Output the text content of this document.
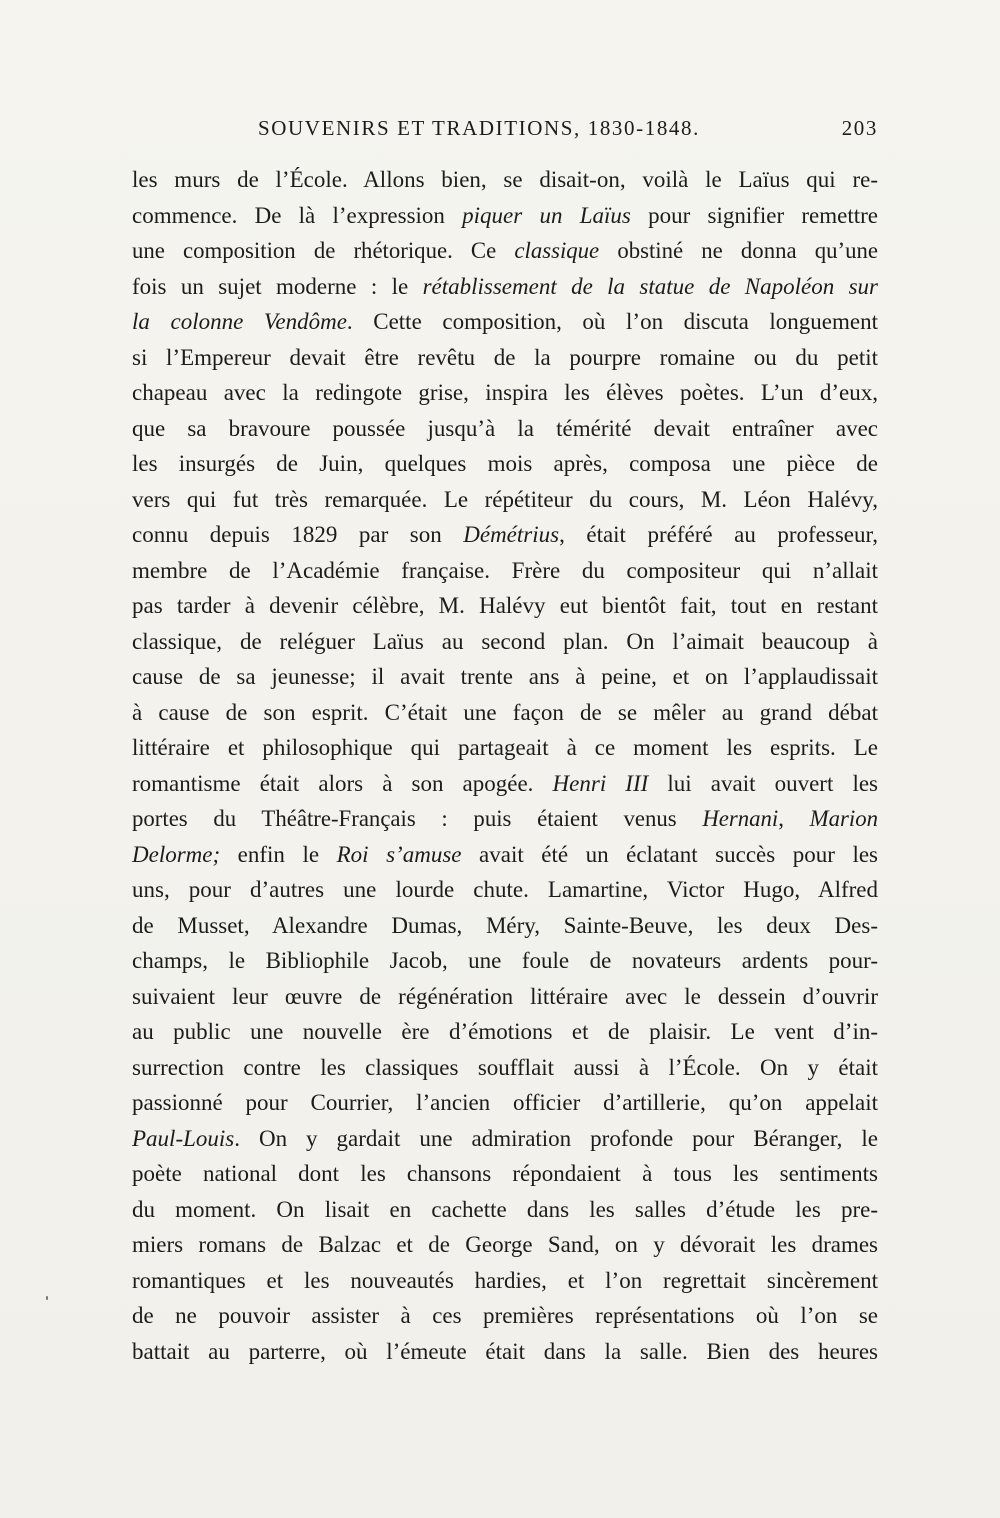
SOUVENIRS ET TRADITIONS, 1830-1848.	203
les murs de l’École. Allons bien, se disait-on, voilà le Laïus qui re-
commence. De là l’expression piquer un Laïus pour signifier remettre
une composition de rhétorique. Ce classique obstiné ne donna qu’une
fois un sujet moderne : le rétablissement de la statue de Napoléon sur
la colonne Vendôme. Cette composition, où l’on discuta longuement
si l’Empereur devait être revêtu de la pourpre romaine ou du petit
chapeau avec la redingote grise, inspira les élèves poètes. L’un d’eux,
que sa bravoure poussée jusqu’à la témérité devait entraîner avec
les insurgés de Juin, quelques mois après, composa une pièce de
vers qui fut très remarquée. Le répétiteur du cours, M. Léon Halévy,
connu depuis 1829 par son Démétrius, était préféré au professeur,
membre de l’Académie française. Frère du compositeur qui n’allait
pas tarder à devenir célèbre, M. Halévy eut bientôt fait, tout en restant
classique, de reléguer Laïus au second plan. On l’aimait beaucoup à
cause de sa jeunesse; il avait trente ans à peine, et on l’applaudissait
à cause de son esprit. C’était une façon de se mêler au grand débat
littéraire et philosophique qui partageait à ce moment les esprits. Le
romantisme était alors à son apogée. Henri III lui avait ouvert les
portes du Théâtre-Français : puis étaient venus Hernani, Marion
Delorme; enfin le Roi s’amuse avait été un éclatant succès pour les
uns, pour d’autres une lourde chute. Lamartine, Victor Hugo, Alfred
de Musset, Alexandre Dumas, Méry, Sainte-Beuve, les deux Des-
champs, le Bibliophile Jacob, une foule de novateurs ardents pour-
suivaient leur œuvre de régénération littéraire avec le dessein d’ouvrir
au public une nouvelle ère d’émotions et de plaisir. Le vent d’in-
surrection contre les classiques soufflait aussi à l’École. On y était
passionné pour Courrier, l’ancien officier d’artillerie, qu’on appelait
Paul-Louis. On y gardait une admiration profonde pour Béranger, le
poète national dont les chansons répondaient à tous les sentiments
du moment. On lisait en cachette dans les salles d’étude les pre-
miers romans de Balzac et de George Sand, on y dévorait les drames
romantiques et les nouveautés hardies, et l’on regrettait sincèrement
de ne pouvoir assister à ces premières représentations où l’on se
battait au parterre, où l’émeute était dans la salle. Bien des heures
